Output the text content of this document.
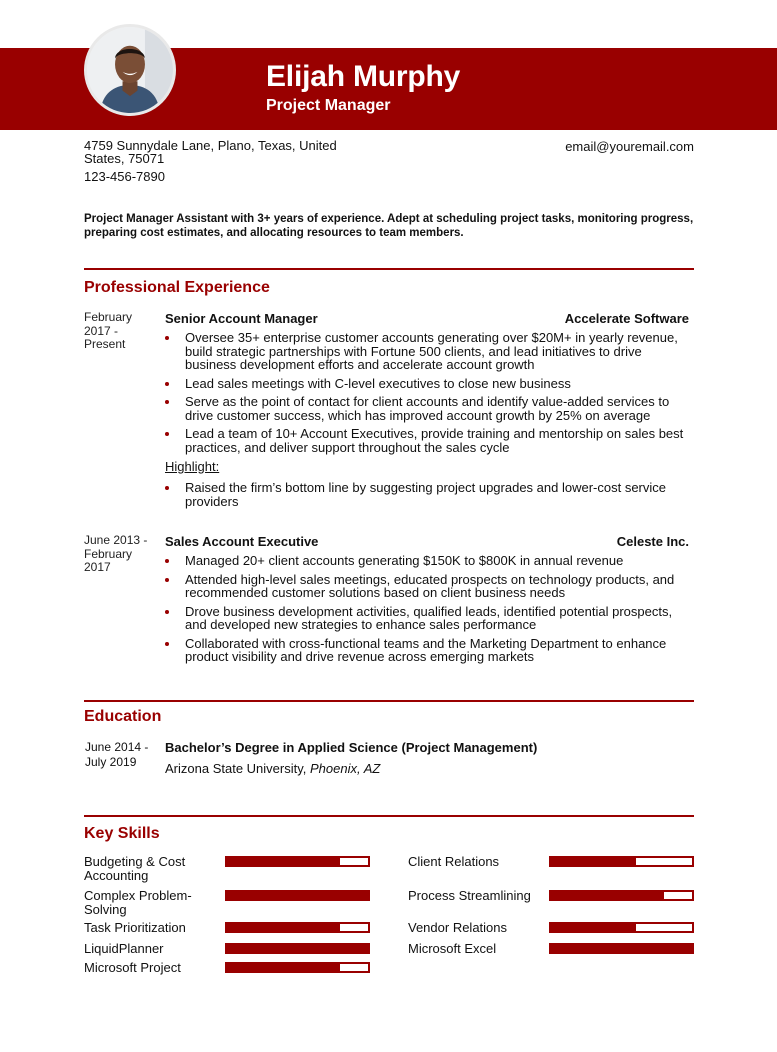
Elijah Murphy
Project Manager
4759 Sunnydale Lane, Plano, Texas, United States, 75071
123-456-7890
email@youremail.com
Project Manager Assistant with 3+ years of experience. Adept at scheduling project tasks, monitoring progress, preparing cost estimates, and allocating resources to team members.
Professional Experience
February 2017 - Present
Senior Account Manager	Accelerate Software
Oversee 35+ enterprise customer accounts generating over $20M+ in yearly revenue, build strategic partnerships with Fortune 500 clients, and lead initiatives to drive business development efforts and accelerate account growth
Lead sales meetings with C-level executives to close new business
Serve as the point of contact for client accounts and identify value-added services to drive customer success, which has improved account growth by 25% on average
Lead a team of 10+ Account Executives, provide training and mentorship on sales best practices, and deliver support throughout the sales cycle
Highlight:
Raised the firm’s bottom line by suggesting project upgrades and lower-cost service providers
June 2013 - February 2017
Sales Account Executive	Celeste Inc.
Managed 20+ client accounts generating $150K to $800K in annual revenue
Attended high-level sales meetings, educated prospects on technology products, and recommended customer solutions based on client business needs
Drove business development activities, qualified leads, identified potential prospects, and developed new strategies to enhance sales performance
Collaborated with cross-functional teams and the Marketing Department to enhance product visibility and drive revenue across emerging markets
Education
June 2014 - July 2019
Bachelor’s Degree in Applied Science (Project Management)
Arizona State University, Phoenix, AZ
Key Skills
Budgeting & Cost Accounting
Complex Problem-Solving
Task Prioritization
LiquidPlanner
Microsoft Project
Client Relations
Process Streamlining
Vendor Relations
Microsoft Excel
